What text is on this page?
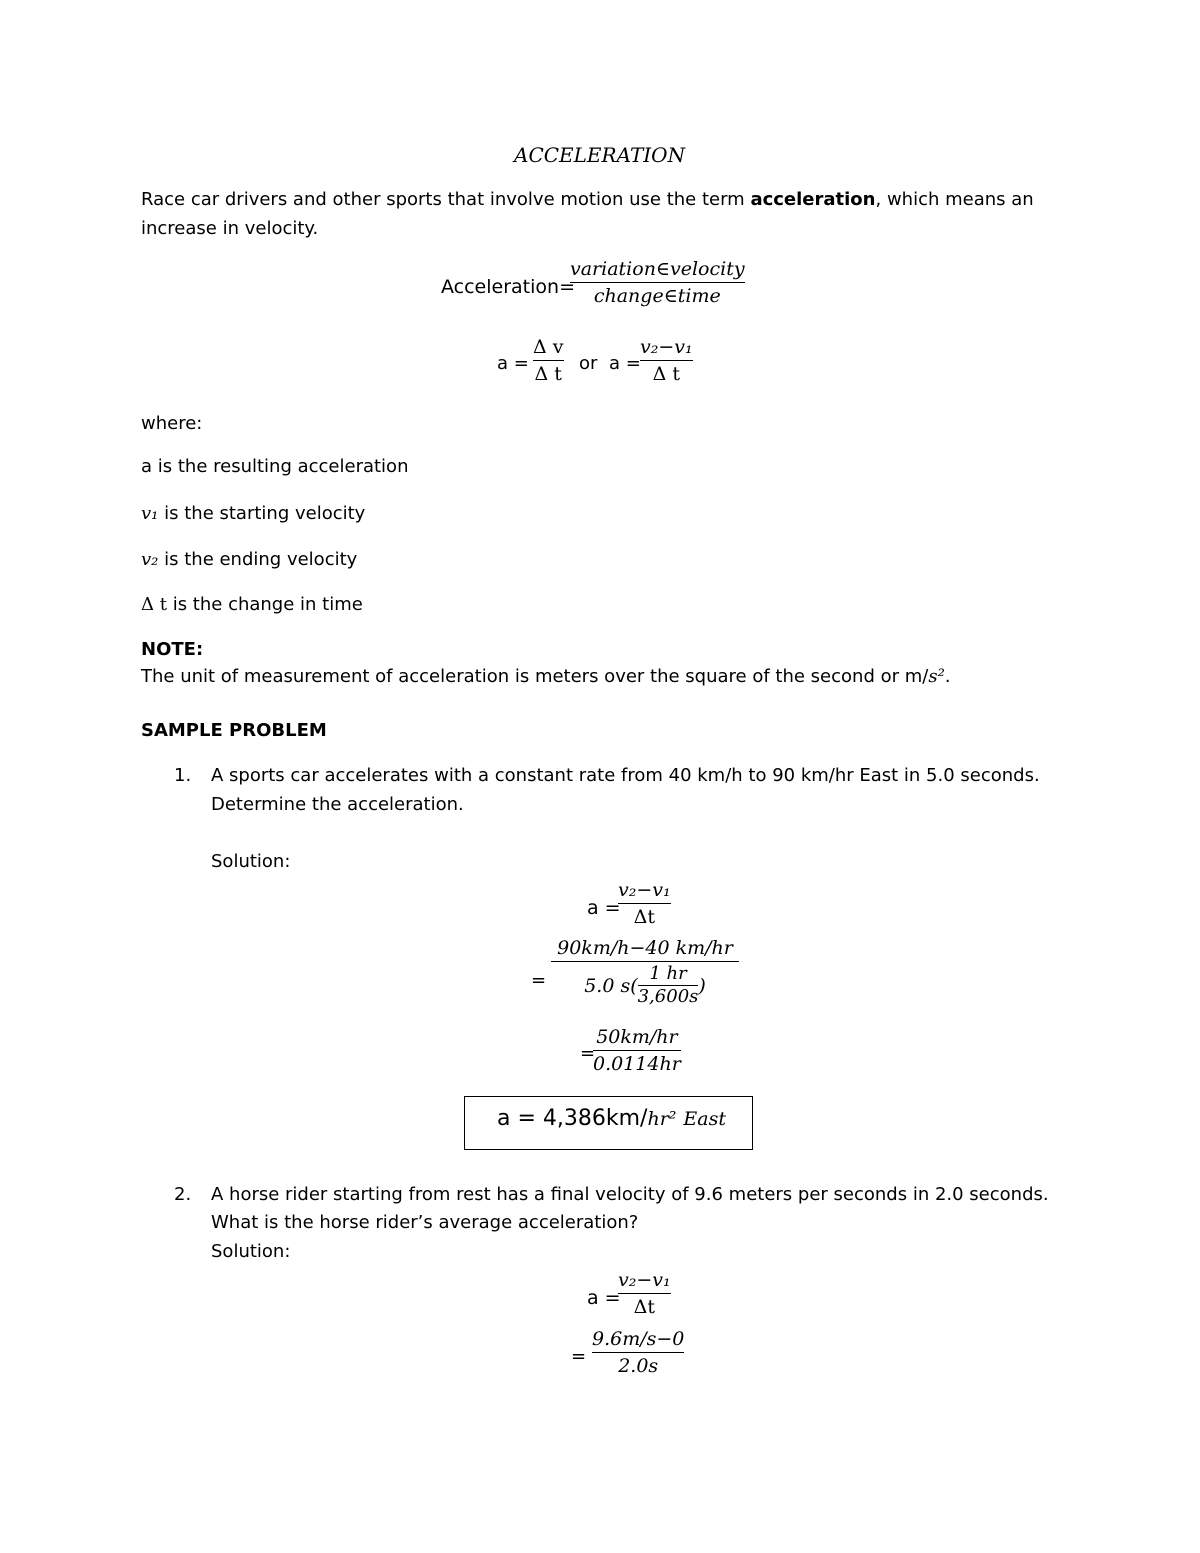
ACCELERATION
Race car drivers and other sports that involve motion use the term acceleration, which means an
increase in velocity.
Acceleration=
variation∈velocity
change∈time
a =
Δ v
Δ t or a =
v₂−v₁
Δ t
where:
a is the resulting acceleration
v₁ is the starting velocity
v₂ is the ending velocity
Δ t is the change in time
NOTE:
The unit of measurement of acceleration is meters over the square of the second or m/s².
SAMPLE PROBLEM
1. A sports car accelerates with a constant rate from 40 km/h to 90 km/hr East in 5.0 seconds.
Determine the acceleration.
Solution:
a =
v₂−v₁
Δt
=
90km/h−40 km/hr
5.0 s(
1 hr
3,600s )
=
50km/hr
0.0114hr
a = 4,386km/hr² East
2. A horse rider starting from rest has a final velocity of 9.6 meters per seconds in 2.0 seconds.
What is the horse rider’s average acceleration?
Solution:
a =
v₂−v₁
Δt
=
9.6m/s−0
2.0s
